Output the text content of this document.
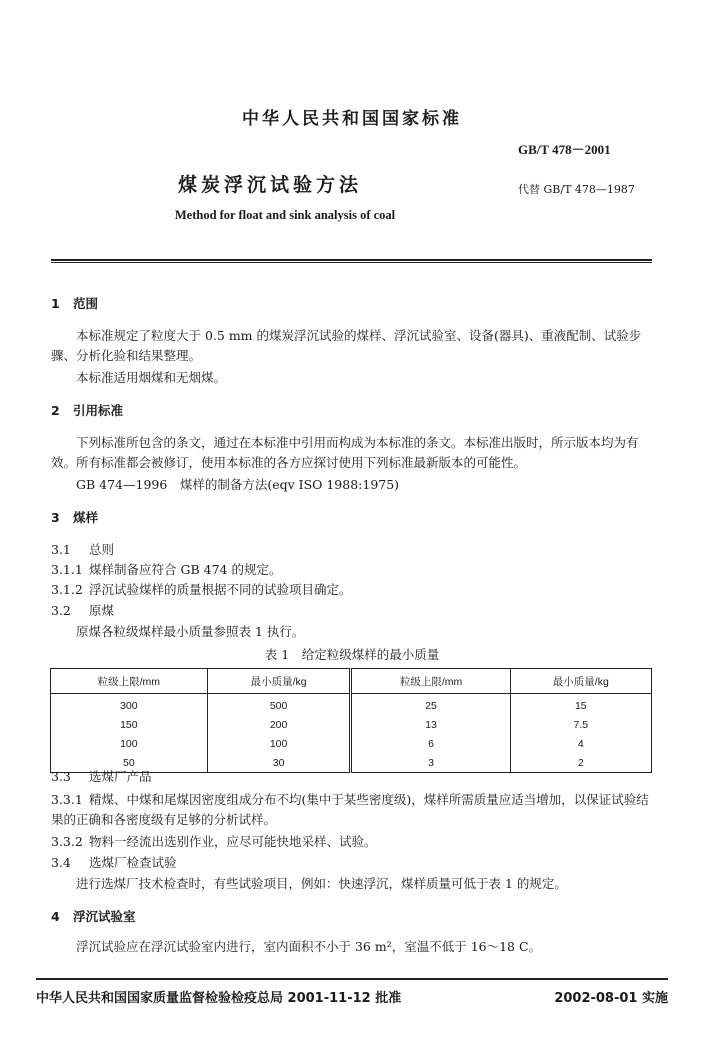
中华人民共和国国家标准
GB/T 478－2001
煤炭浮沉试验方法	代替 GB/T 478—1987
Method for float and sink analysis of coal
1 范围
本标准规定了粒度大于 0.5 mm 的煤炭浮沉试验的煤样、浮沉试验室、设备(器具)、重液配制、试验步骤、分析化验和结果整理。
本标准适用烟煤和无烟煤。
2 引用标准
下列标准所包含的条文，通过在本标准中引用而构成为本标准的条文。本标准出版时，所示版本均为有效。所有标准都会被修订，使用本标准的各方应探讨使用下列标准最新版本的可能性。
GB 474—1996　煤样的制备方法(eqv ISO 1988:1975)
3 煤样
3.1 总则
3.1.1 煤样制备应符合 GB 474 的规定。
3.1.2 浮沉试验煤样的质量根据不同的试验项目确定。
3.2 原煤
原煤各粒级煤样最小质量参照表 1 执行。
表 1　给定粒级煤样的最小质量
粒级上限/mm	最小质量/kg	粒级上限/mm	最小质量/kg
300	500	25	15
150	200	13	7.5
100	100	6	4
50	30	3	2
3.3 选煤厂产品
3.3.1 精煤、中煤和尾煤因密度组成分布不均(集中于某些密度级)，煤样所需质量应适当增加，以保证试验结果的正确和各密度级有足够的分析试样。
3.3.2 物料一经流出选别作业，应尽可能快地采样、试验。
3.4 选煤厂检查试验
进行选煤厂技术检查时，有些试验项目，例如：快速浮沉，煤样质量可低于表 1 的规定。
4 浮沉试验室
浮沉试验应在浮沉试验室内进行，室内面积不小于 36 m²，室温不低于 16～18 C。
中华人民共和国国家质量监督检验检疫总局 2001-11-12 批准	2002-08-01 实施
